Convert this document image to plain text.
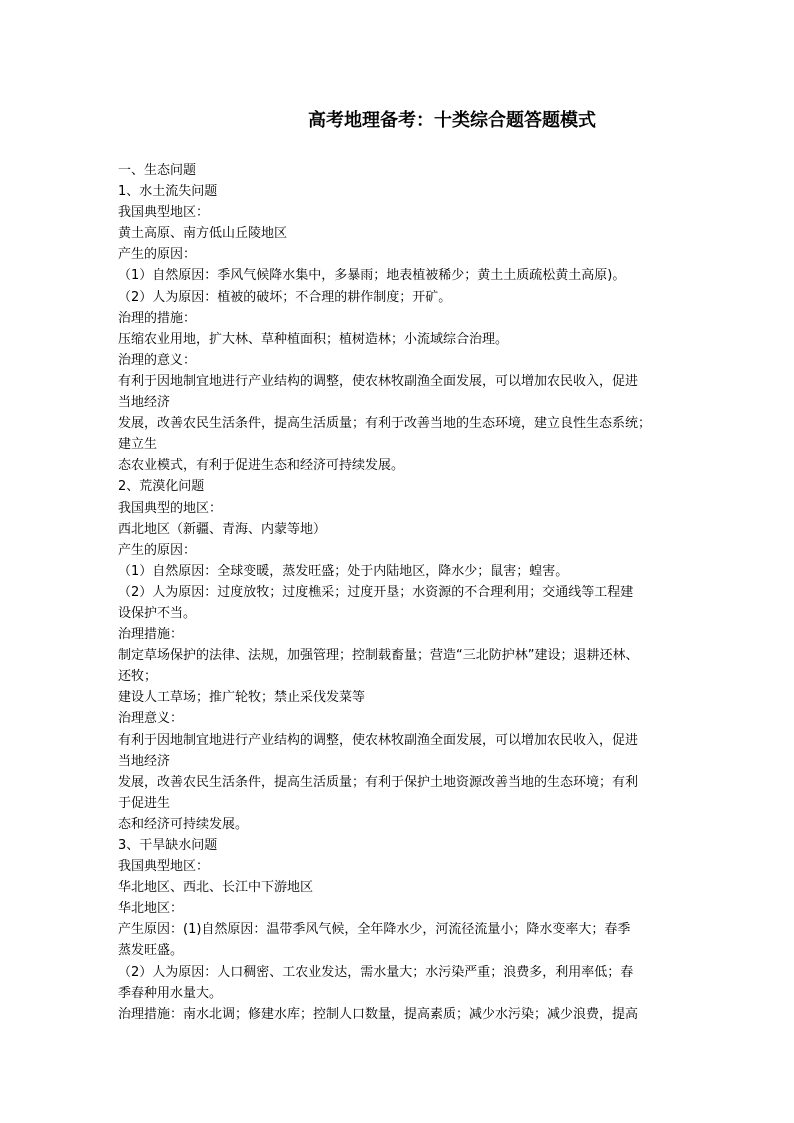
高考地理备考：十类综合题答题模式
一、生态问题
1、水土流失问题
我国典型地区：
黄土高原、南方低山丘陵地区
产生的原因：
（1）自然原因：季风气候降水集中，多暴雨；地表植被稀少；黄土土质疏松黄土高原)。
（2）人为原因：植被的破坏；不合理的耕作制度；开矿。
治理的措施：
压缩农业用地，扩大林、草种植面积；植树造林；小流域综合治理。
治理的意义：
有利于因地制宜地进行产业结构的调整，使农林牧副渔全面发展，可以增加农民收入，促进
当地经济
发展，改善农民生活条件，提高生活质量；有利于改善当地的生态环境，建立良性生态系统；
建立生
态农业模式，有利于促进生态和经济可持续发展。
2、荒漠化问题
我国典型的地区：
西北地区（新疆、青海、内蒙等地）
产生的原因：
（1）自然原因：全球变暖，蒸发旺盛；处于内陆地区，降水少；鼠害；蝗害。
（2）人为原因：过度放牧；过度樵采；过度开垦；水资源的不合理利用；交通线等工程建
设保护不当。
治理措施：
制定草场保护的法律、法规，加强管理；控制载畜量；营造“三北防护林”建设；退耕还林、
还牧；
建设人工草场；推广轮牧；禁止采伐发菜等
治理意义：
有利于因地制宜地进行产业结构的调整，使农林牧副渔全面发展，可以增加农民收入，促进
当地经济
发展，改善农民生活条件，提高生活质量；有利于保护土地资源改善当地的生态环境；有利
于促进生
态和经济可持续发展。
3、干旱缺水问题
我国典型地区：
华北地区、西北、长江中下游地区
华北地区：
产生原因：(1)自然原因：温带季风气候，全年降水少，河流径流量小；降水变率大；春季
蒸发旺盛。
（2）人为原因：人口稠密、工农业发达，需水量大；水污染严重；浪费多，利用率低；春
季春种用水量大。
治理措施：南水北调；修建水库；控制人口数量，提高素质；减少水污染；减少浪费，提高
